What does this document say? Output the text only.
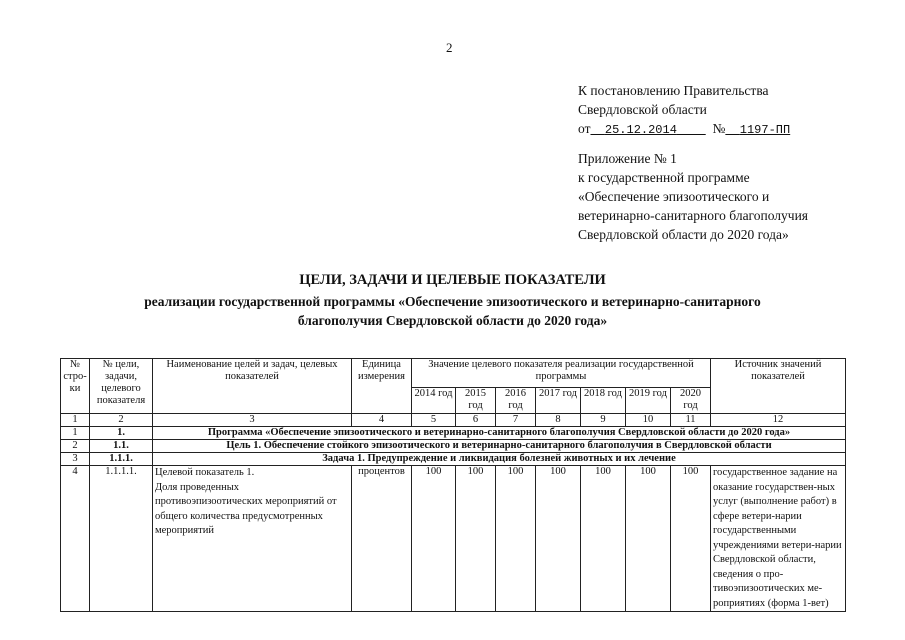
2
К постановлению Правительства
Свердловской области
от 25.12.2014	№ 1197-ПП
Приложение № 1
к государственной программе
«Обеспечение эпизоотического и
ветеринарно-санитарного благополучия
Свердловской области до 2020 года»
ЦЕЛИ, ЗАДАЧИ И ЦЕЛЕВЫЕ ПОКАЗАТЕЛИ
реализации государственной программы «Обеспечение эпизоотического и ветеринарно-санитарного
благополучия Свердловской области до 2020 года»
№ стро-ки	№ цели, задачи, целевого показателя	Наименование целей и задач, целевых показателей	Единица измерения	Значение целевого показателя реализации государственной программы							Источник значений показателей
				2014 год	2015 год	2016 год	2017 год	2018 год	2019 год	2020 год	
1	2	3	4	5	6	7	8	9	10	11	12
1	1.	Программа «Обеспечение эпизоотического и ветеринарно-санитарного благополучия Свердловской области до 2020 года»									
2	1.1.	Цель 1. Обеспечение стойкого эпизоотического и ветеринарно-санитарного благополучия в Свердловской области									
3	1.1.1.	Задача 1. Предупреждение и ликвидация болезней животных и их лечение									
4	1.1.1.1.	Целевой показатель 1.
Доля проведенных противоэпизоотических мероприятий от общего количества предусмотренных мероприятий	процентов	100	100	100	100	100	100	100	государственное задание на оказание государствен-ных услуг (выполнение работ) в сфере ветери-нарии государственными учреждениями ветери-нарии Свердловской области, сведения о про-тивоэпизоотических ме-роприятиях (форма 1-вет)
